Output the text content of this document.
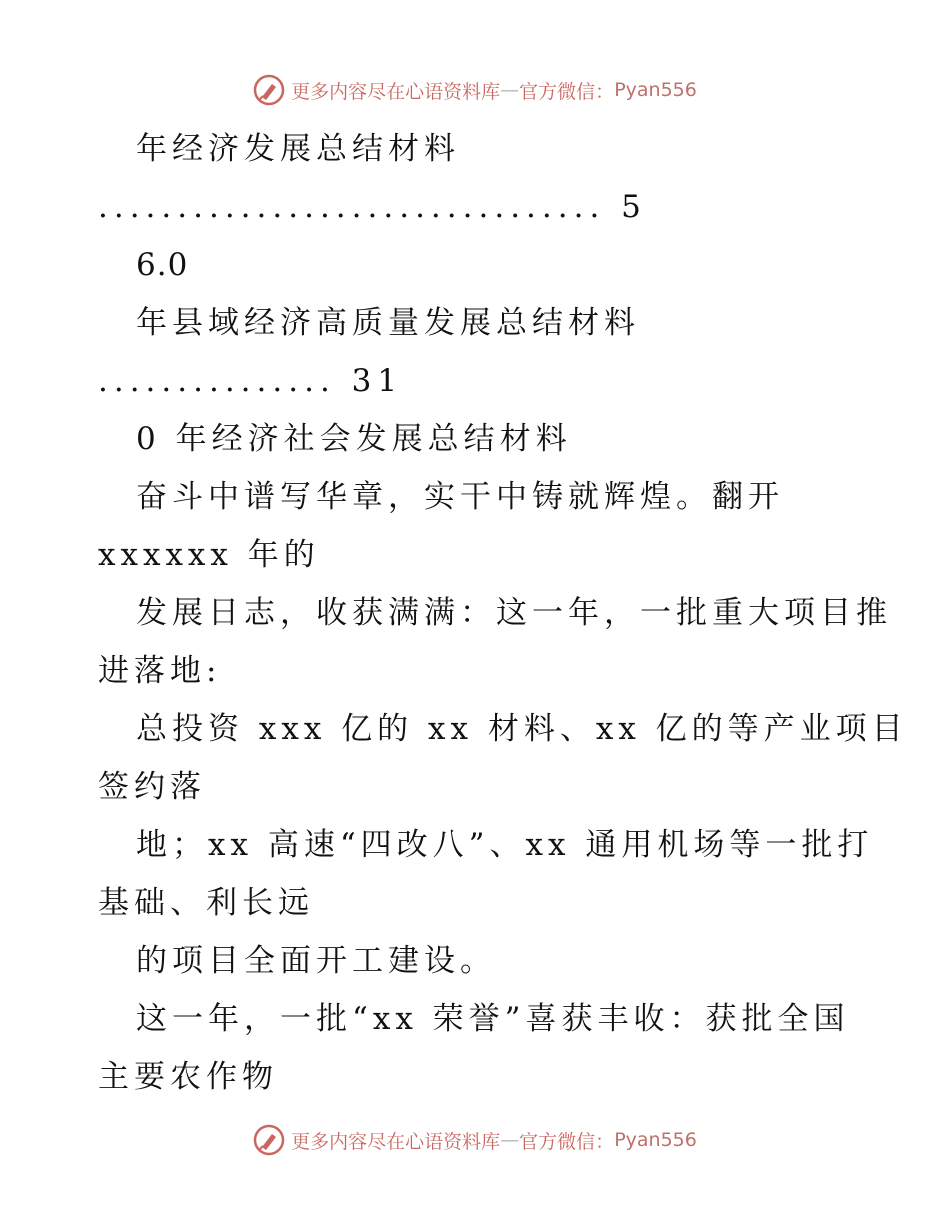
更多内容尽在心语资料库 — 官方微信： Pyan556
年经济发展总结材料
................................ 5
6.0
年县域经济高质量发展总结材料
............... 31
0 年经济社会发展总结材料
奋斗中谱写华章，实干中铸就辉煌。翻开
xxxxxx 年的
发展日志，收获满满：这一年，一批重大项目推
进落地:
总投资 xxx 亿的 xx 材料、xx 亿的等产业项目
签约落
地；xx 高速“四改八”、xx 通用机场等一批打
基础、利长远
的项目全面开工建设。
这一年，一批“xx 荣誉”喜获丰收：获批全国
主要农作物
更多内容尽在心语资料库 — 官方微信： Pyan556
